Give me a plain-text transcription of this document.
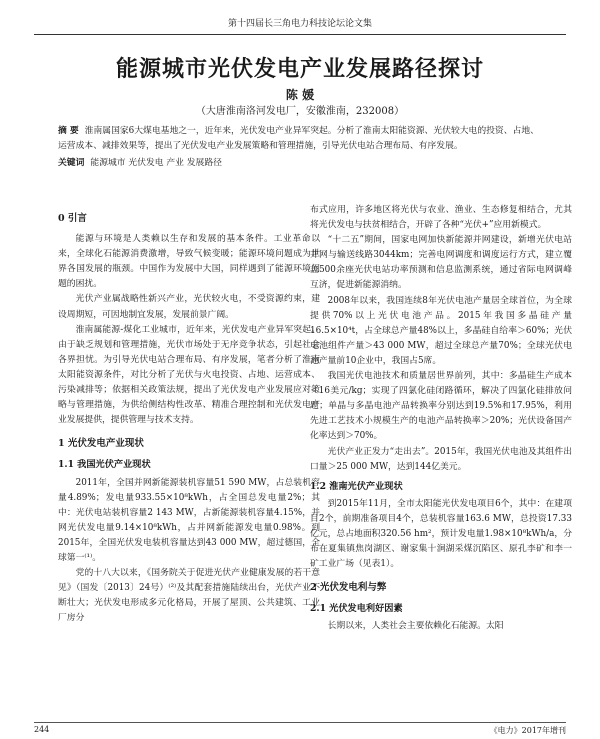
第十四届长三角电力科技论坛论文集
能源城市光伏发电产业发展路径探讨
陈 媛
（大唐淮南洛河发电厂，安徽淮南，232008）
摘 要 淮南属国家6大煤电基地之一，近年来，光伏发电产业异军突起。分析了淮南太阳能资源、光伏较大电的投资、占地、运营成本、减排效果等，提出了光伏发电产业发展策略和管理措施，引导光伏电站合理布局、有序发展。
关键词 能源城市 光伏发电 产业 发展路径
0 引言

能源与环境是人类赖以生存和发展的基本条件。工业革命以来，全球化石能源消费激增，导致气候变暖；能源环境问题成为世界各国发展的瓶颈。中国作为发展中大国，同样遇到了能源环境问题的困扰。

光伏产业属战略性新兴产业，光伏较火电，不受资源约束，建设周期短，可因地制宜发展，发展前景广阔。

淮南属能源-煤化工业城市，近年来，光伏发电产业异军突起。由于缺乏规划和管理措施，光伏市场处于无序竞争状态，引起社会各界担忧。为引导光伏电站合理布局、有序发展，笔者分析了淮南太阳能资源条件，对比分析了光伏与火电投资、占地、运营成本、污染减排等；依据相关政策法规，提出了光伏发电产业发展应对策略与管理措施，为供给侧结构性改革、精准合理控制和光伏发电产业发展提供，提供管理与技术支持。

1 光伏发电产业现状
1.1 我国光伏产业现状

2011年，全国并网新能源装机容量51 590 MW，占总装机容量4.89%；发电量933.55×10⁸kWh，占全国总发电量2%；其中：光伏电站装机容量2 143 MW，占新能源装机容量4.15%，并网光伏发电量9.14×10⁸kWh，占并网新能源发电量0.98%。到2015年，全国光伏发电装机容量达到43 000 MW，超过德国，全球第一⁽¹⁾。

党的十八大以来，《国务院关于促进光伏产业健康发展的若干意见》（国发〔2013〕24号）⁽²⁾及其配套措施陆续出台，光伏产业不断壮大；光伏发电形成多元化格局，开展了屋顶、公共建筑、工业厂房分

布式应用，许多地区将光伏与农业、渔业、生态修复相结合，尤其将光伏发电与扶贫相结合，开辟了各种“光伏+”应用新模式。

“十二五”期间，国家电网加快新能源并网建设，新增光伏电站并网与输送线路3044km；完善电网调度和调度运行方式，建立覆盖500余座光伏电站功率预测和信息监测系统，通过省际电网调峰互济，促进新能源消纳。

2008年以来，我国连续8年光伏电池产量居全球首位，为全球提供70%以上光伏电池产品。2015年我国多晶硅产量16.5×10⁴t，占全球总产量48%以上，多晶硅自给率＞60%；光伏电池组件产量＞43 000 MW，超过全球总产量70%；全球光伏电池产量前10企业中，我国占5席。

我国光伏电池技术和质量居世界前列，其中：多晶硅生产成本＜16美元/kg；实现了四氯化硅闭路循环，解决了四氯化硅排放问题；单晶与多晶电池产品转换率分别达到19.5%和17.95%，利用先进工艺技术小规模生产的电池产品转换率＞20%；光伏设备国产化率达到＞70%。

光伏产业正发力“走出去”。2015年，我国光伏电池及其组件出口量＞25 000 MW，达到144亿美元。

1.2 淮南光伏产业现状

到2015年11月，全市太阳能光伏发电项目6个，其中：在建项目2个，前期准备项目4个，总装机容量163.6 MW，总投资17.33亿元，总占地面积320.56 hm²，预计发电量1.98×10⁸kWh/a，分布在夏集镇焦岗湖区、谢家集十涧湖采煤沉陷区、原孔李矿和李一矿工业广场（见表1）。

2 光伏发电利与弊
2.1 光伏发电利好因素

长期以来，人类社会主要依赖化石能源。太阳

244	《电力》2017年增刊
